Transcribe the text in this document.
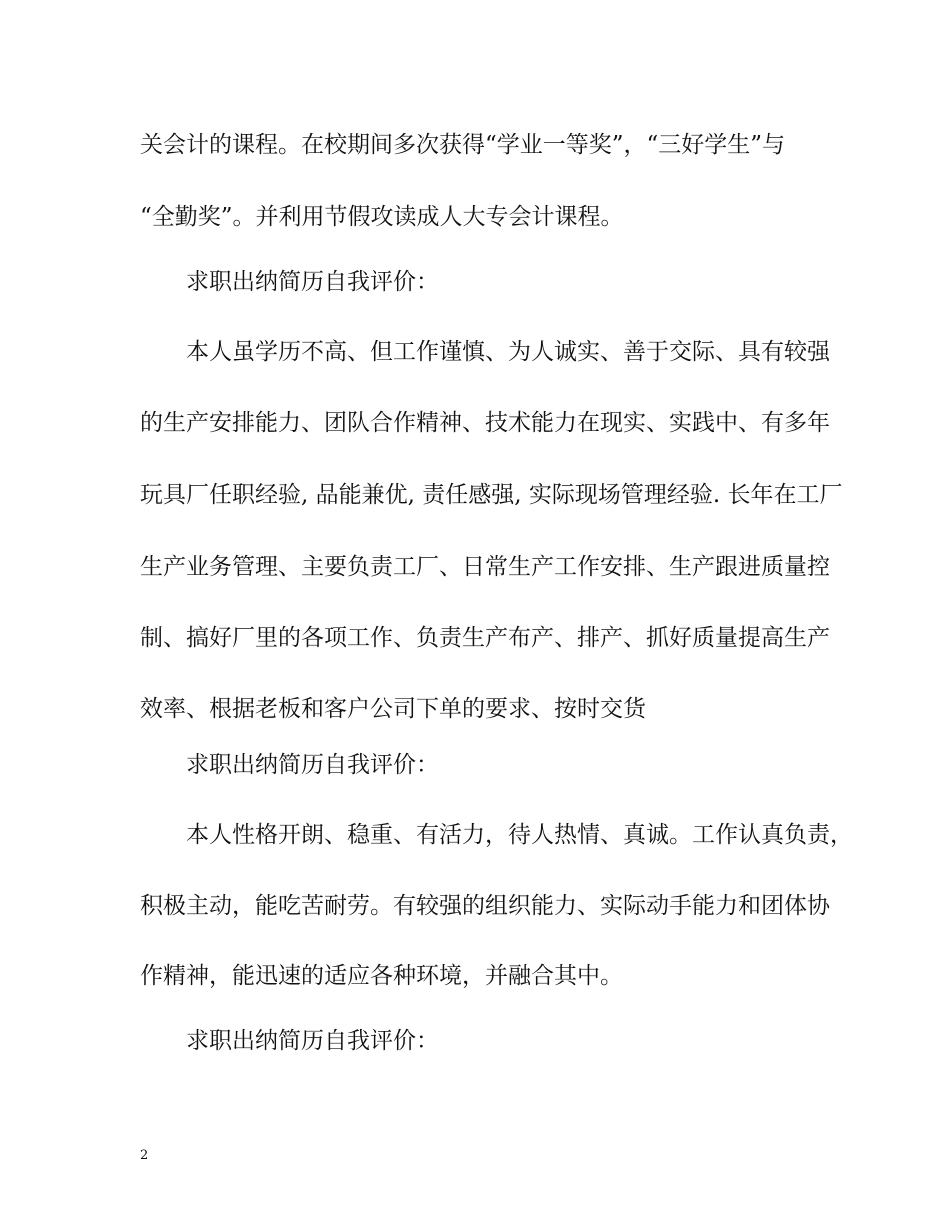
关会计的课程。在校期间多次获得“学业一等奖”，“三好学生”与
“全勤奖”。并利用节假攻读成人大专会计课程。
求职出纳简历自我评价：
本人虽学历不高、但工作谨慎、为人诚实、善于交际、具有较强
的生产安排能力、团队合作精神、技术能力在现实、实践中、有多年
玩具厂任职经验, 品能兼优, 责任感强, 实际现场管理经验. 长年在工厂
生产业务管理、主要负责工厂、日常生产工作安排、生产跟进质量控
制、搞好厂里的各项工作、负责生产布产、排产、抓好质量提高生产
效率、根据老板和客户公司下单的要求、按时交货
求职出纳简历自我评价：
本人性格开朗、稳重、有活力，待人热情、真诚。工作认真负责，
积极主动，能吃苦耐劳。有较强的组织能力、实际动手能力和团体协
作精神，能迅速的适应各种环境，并融合其中。
求职出纳简历自我评价：
2
